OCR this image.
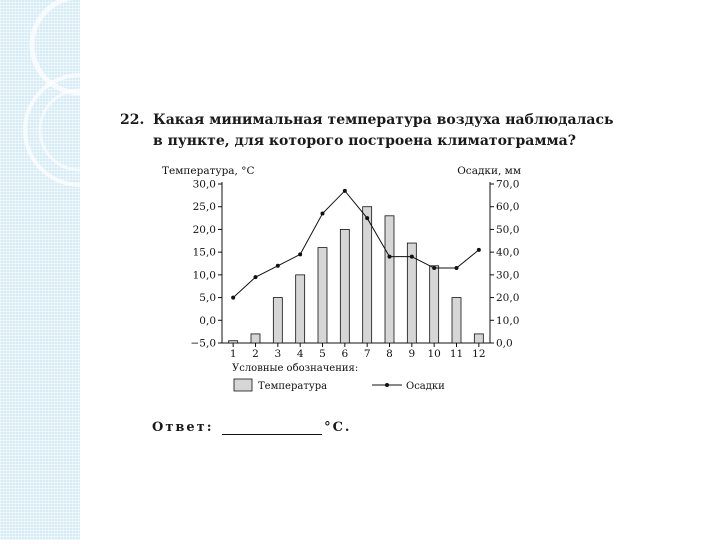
22. Какая минимальная температура воздуха наблюдалась
в пункте, для которого построена климатограмма?
Температура, °С	Осадки, мм
30,0
25,0
20,0
15,0
10,0
5,0
0,0
−5,0
70,0
60,0
50,0
40,0
30,0
20,0
10,0
0,0
1 2 3 4 5 6 7 8 9 10 11 12
Условные обозначения:
Температура	Осадки
Ответ:	°С.
